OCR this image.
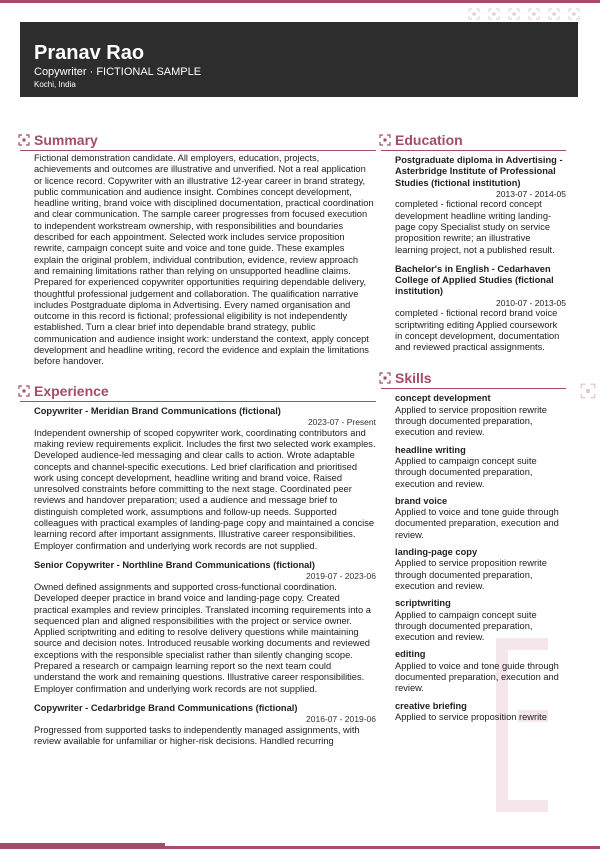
Pranav Rao
Copywriter · FICTIONAL SAMPLE
Kochi, India
Summary

Fictional demonstration candidate. All employers, education, projects, achievements and outcomes are illustrative and unverified. Not a real application or licence record. Copywriter with an illustrative 12-year career in brand strategy, public communication and audience insight. Combines concept development, headline writing, brand voice with disciplined documentation, practical coordination and clear communication. The sample career progresses from focused execution to independent workstream ownership, with responsibilities and boundaries described for each appointment. Selected work includes service proposition rewrite, campaign concept suite and voice and tone guide. These examples explain the original problem, individual contribution, evidence, review approach and remaining limitations rather than relying on unsupported headline claims. Prepared for experienced copywriter opportunities requiring dependable delivery, thoughtful professional judgement and collaboration. The qualification narrative includes Postgraduate diploma in Advertising. Every named organisation and outcome in this record is fictional; professional eligibility is not independently established. Turn a clear brief into dependable brand strategy, public communication and audience insight work: understand the context, apply concept development and headline writing, record the evidence and explain the limitations before handover.

Experience
Copywriter - Meridian Brand Communications (fictional)
2023-07 - Present

Independent ownership of scoped copywriter work, coordinating contributors and making review requirements explicit. Includes the first two selected work examples. Developed audience-led messaging and clear calls to action. Wrote adaptable concepts and channel-specific executions. Led brief clarification and prioritised work using concept development, headline writing and brand voice. Raised unresolved constraints before committing to the next stage. Coordinated peer reviews and handover preparation; used a audience and message brief to distinguish completed work, assumptions and follow-up needs. Supported colleagues with practical examples of landing-page copy and maintained a concise learning record after important assignments. Illustrative career responsibilities. Employer confirmation and underlying work records are not supplied.

Senior Copywriter - Northline Brand Communications (fictional)
2019-07 - 2023-06

Owned defined assignments and supported cross-functional coordination. Developed deeper practice in brand voice and landing-page copy. Created practical examples and review principles. Translated incoming requirements into a sequenced plan and aligned responsibilities with the project or service owner. Applied scriptwriting and editing to resolve delivery questions while maintaining source and decision notes. Introduced reusable working documents and reviewed exceptions with the responsible specialist rather than silently changing scope. Prepared a research or campaign learning report so the next team could understand the work and remaining questions. Illustrative career responsibilities. Employer confirmation and underlying work records are not supplied.

Copywriter - Cedarbridge Brand Communications (fictional)
2016-07 - 2019-06

Progressed from supported tasks to independently managed assignments, with review available for unfamiliar or higher-risk decisions. Handled recurring

Education
Postgraduate diploma in Advertising - Asterbridge Institute of Professional Studies (fictional institution)
2013-07 - 2014-05

completed - fictional record concept development headline writing landing-page copy Specialist study on service proposition rewrite; an illustrative learning project, not a published result.

Bachelor's in English - Cedarhaven College of Applied Studies (fictional institution)
2010-07 - 2013-05

completed - fictional record brand voice scriptwriting editing Applied coursework in concept development, documentation and reviewed practical assignments.

Skills
concept development
Applied to service proposition rewrite through documented preparation, execution and review.
headline writing
Applied to campaign concept suite through documented preparation, execution and review.
brand voice
Applied to voice and tone guide through documented preparation, execution and review.
landing-page copy
Applied to service proposition rewrite through documented preparation, execution and review.
scriptwriting
Applied to campaign concept suite through documented preparation, execution and review.
editing
Applied to voice and tone guide through documented preparation, execution and review.
creative briefing
Applied to service proposition rewrite
